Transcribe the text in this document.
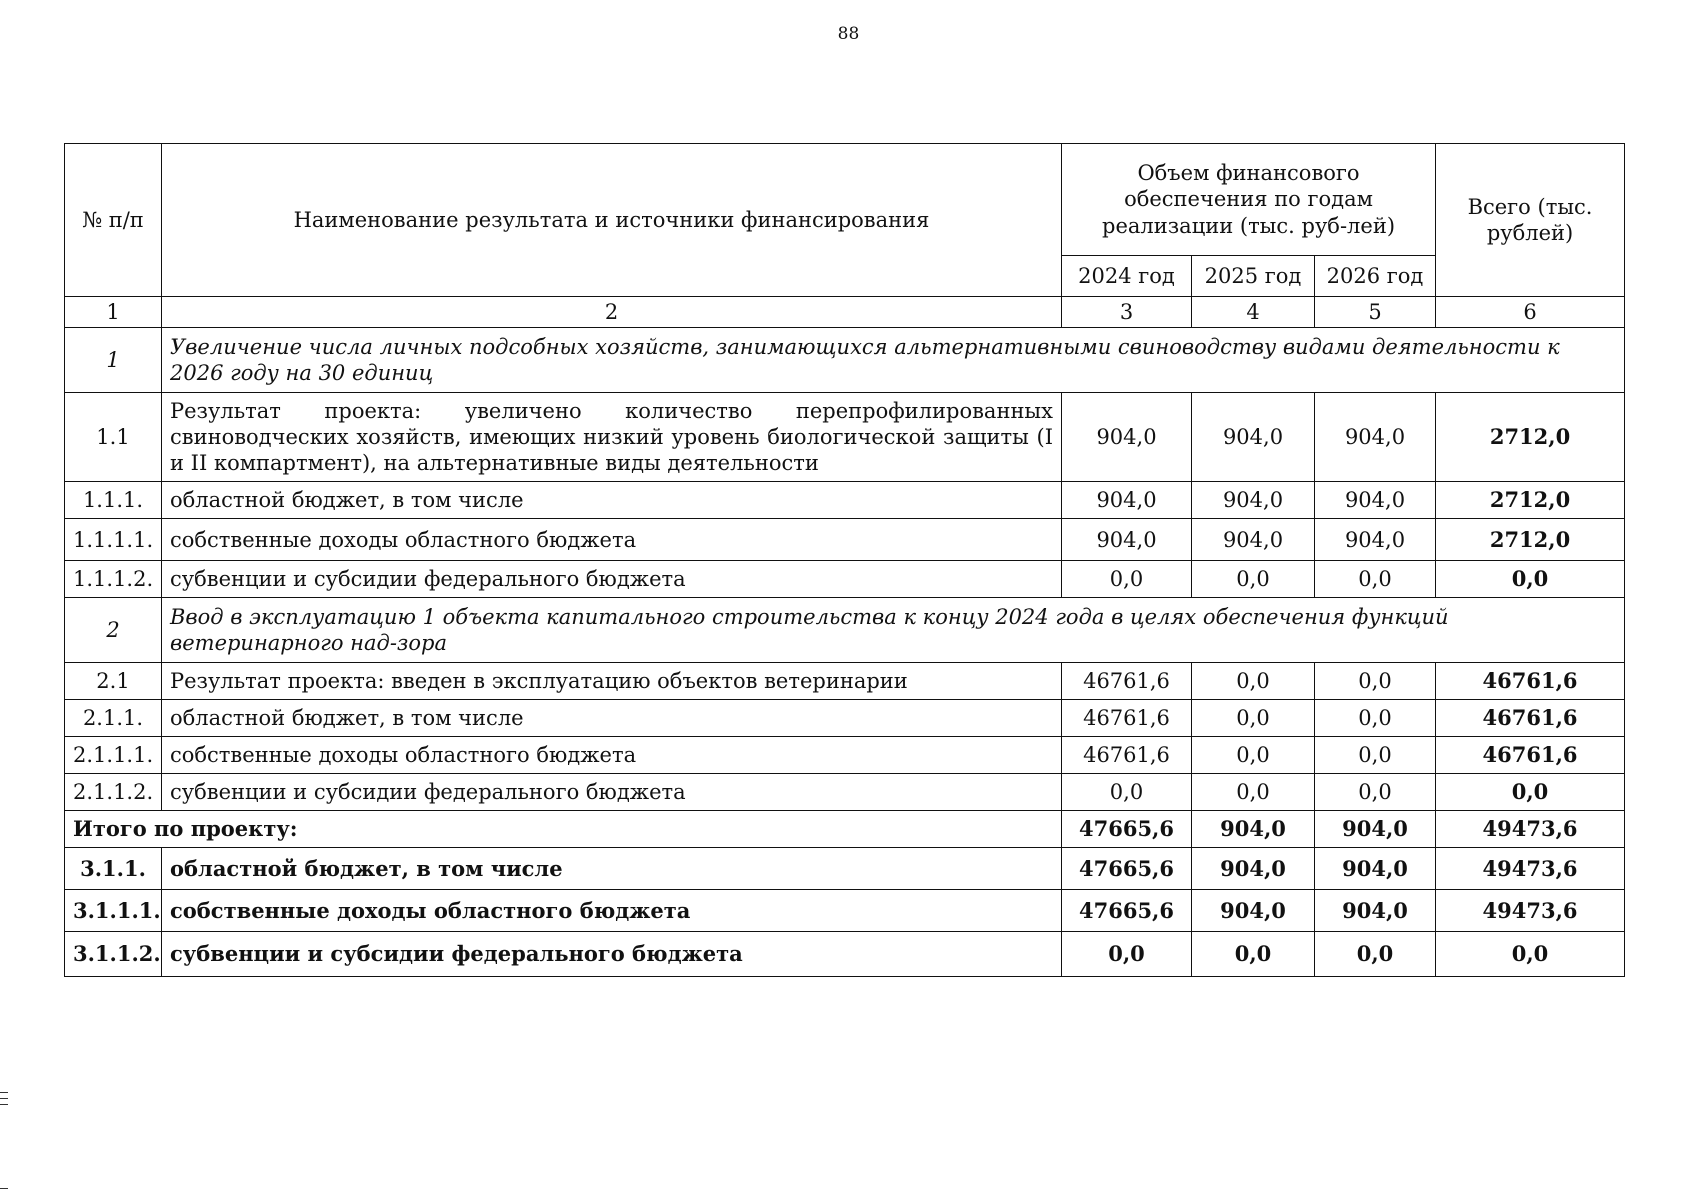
88
№ п/п	Наименование результата и источники финансирования	Объем финансового обеспечения по годам реализации (тыс. руб-лей)			Всего (тыс. рублей)
		2024 год	2025 год	2026 год	
1	2	3	4	5	6
1	Увеличение числа личных подсобных хозяйств, занимающихся альтернативными свиноводству видами деятельности к 2026 году на 30 единиц				
1.1	Результат проекта: увеличено количество перепрофилированных свиноводческих хозяйств, имеющих низкий уровень биологической защиты (I и II компартмент), на альтернативные виды деятельности	904,0	904,0	904,0	2712,0
1.1.1.	областной бюджет, в том числе	904,0	904,0	904,0	2712,0
1.1.1.1.	собственные доходы областного бюджета	904,0	904,0	904,0	2712,0
1.1.1.2.	субвенции и субсидии федерального бюджета	0,0	0,0	0,0	0,0
2	Ввод в эксплуатацию 1 объекта капитального строительства к концу 2024 года в целях обеспечения функций ветеринарного над-зора				
2.1	Результат проекта: введен в эксплуатацию объектов ветеринарии	46761,6	0,0	0,0	46761,6
2.1.1.	областной бюджет, в том числе	46761,6	0,0	0,0	46761,6
2.1.1.1.	собственные доходы областного бюджета	46761,6	0,0	0,0	46761,6
2.1.1.2.	субвенции и субсидии федерального бюджета	0,0	0,0	0,0	0,0
Итого по проекту:		47665,6	904,0	904,0	49473,6
3.1.1.	областной бюджет, в том числе	47665,6	904,0	904,0	49473,6
3.1.1.1.	собственные доходы областного бюджета	47665,6	904,0	904,0	49473,6
3.1.1.2.	субвенции и субсидии федерального бюджета	0,0	0,0	0,0	0,0
